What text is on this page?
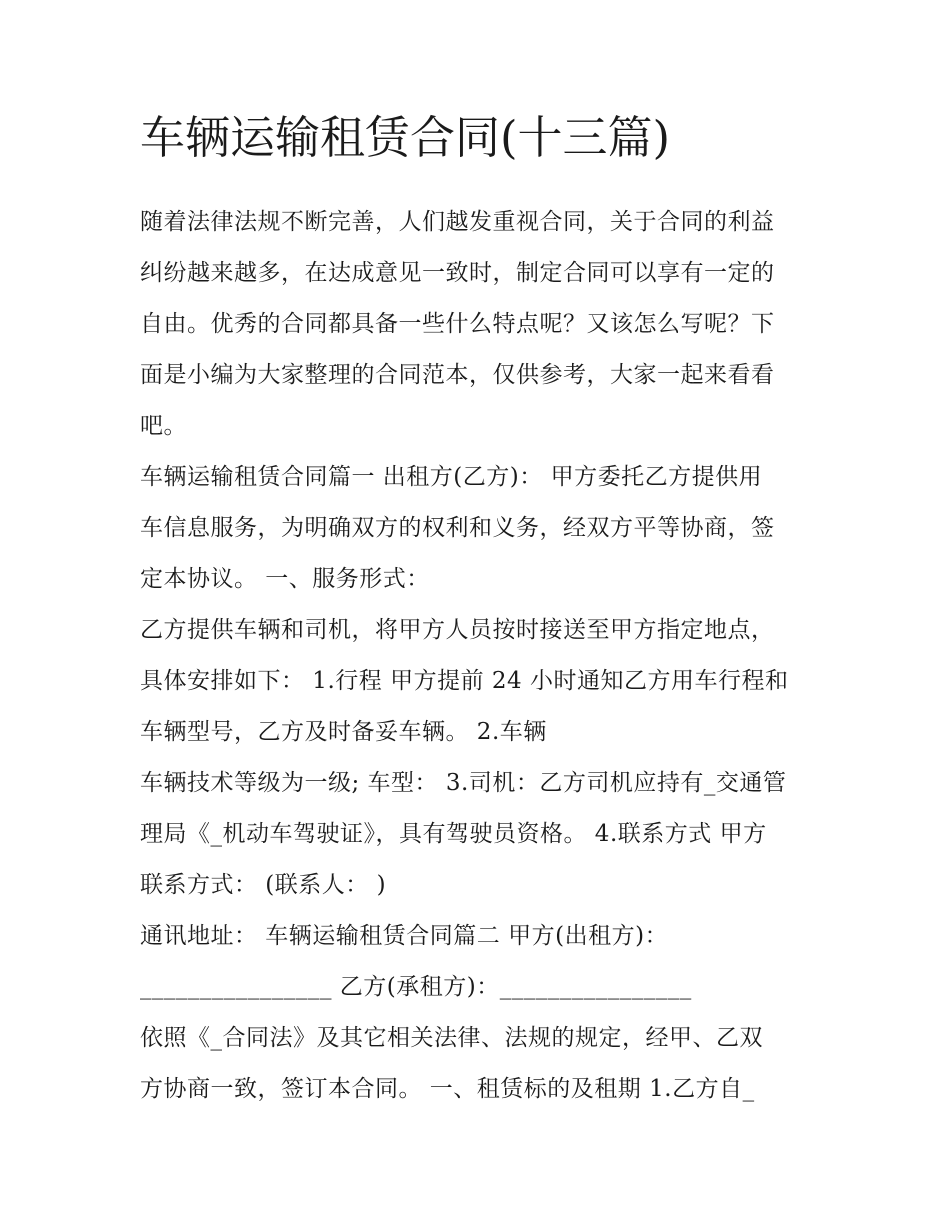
车辆运输租赁合同(十三篇)

随着法律法规不断完善，人们越发重视合同，关于合同的利益

纠纷越来越多，在达成意见一致时，制定合同可以享有一定的

自由。优秀的合同都具备一些什么特点呢？又该怎么写呢？下

面是小编为大家整理的合同范本，仅供参考，大家一起来看看

吧。

车辆运输租赁合同篇一 出租方(乙方)： 甲方委托乙方提供用

车信息服务，为明确双方的权利和义务，经双方平等协商，签

定本协议。 一、服务形式：

乙方提供车辆和司机，将甲方人员按时接送至甲方指定地点，

具体安排如下： 1.行程 甲方提前 24 小时通知乙方用车行程和

车辆型号，乙方及时备妥车辆。 2.车辆

车辆技术等级为一级; 车型： 3.司机：乙方司机应持有_交通管

理局《_机动车驾驶证》，具有驾驶员资格。 4.联系方式 甲方

联系方式： (联系人： )

通讯地址： 车辆运输租赁合同篇二 甲方(出租方)：

________________ 乙方(承租方)：________________

依照《_合同法》及其它相关法律、法规的规定，经甲、乙双

方协商一致，签订本合同。 一、租赁标的及租期 1.乙方自_
